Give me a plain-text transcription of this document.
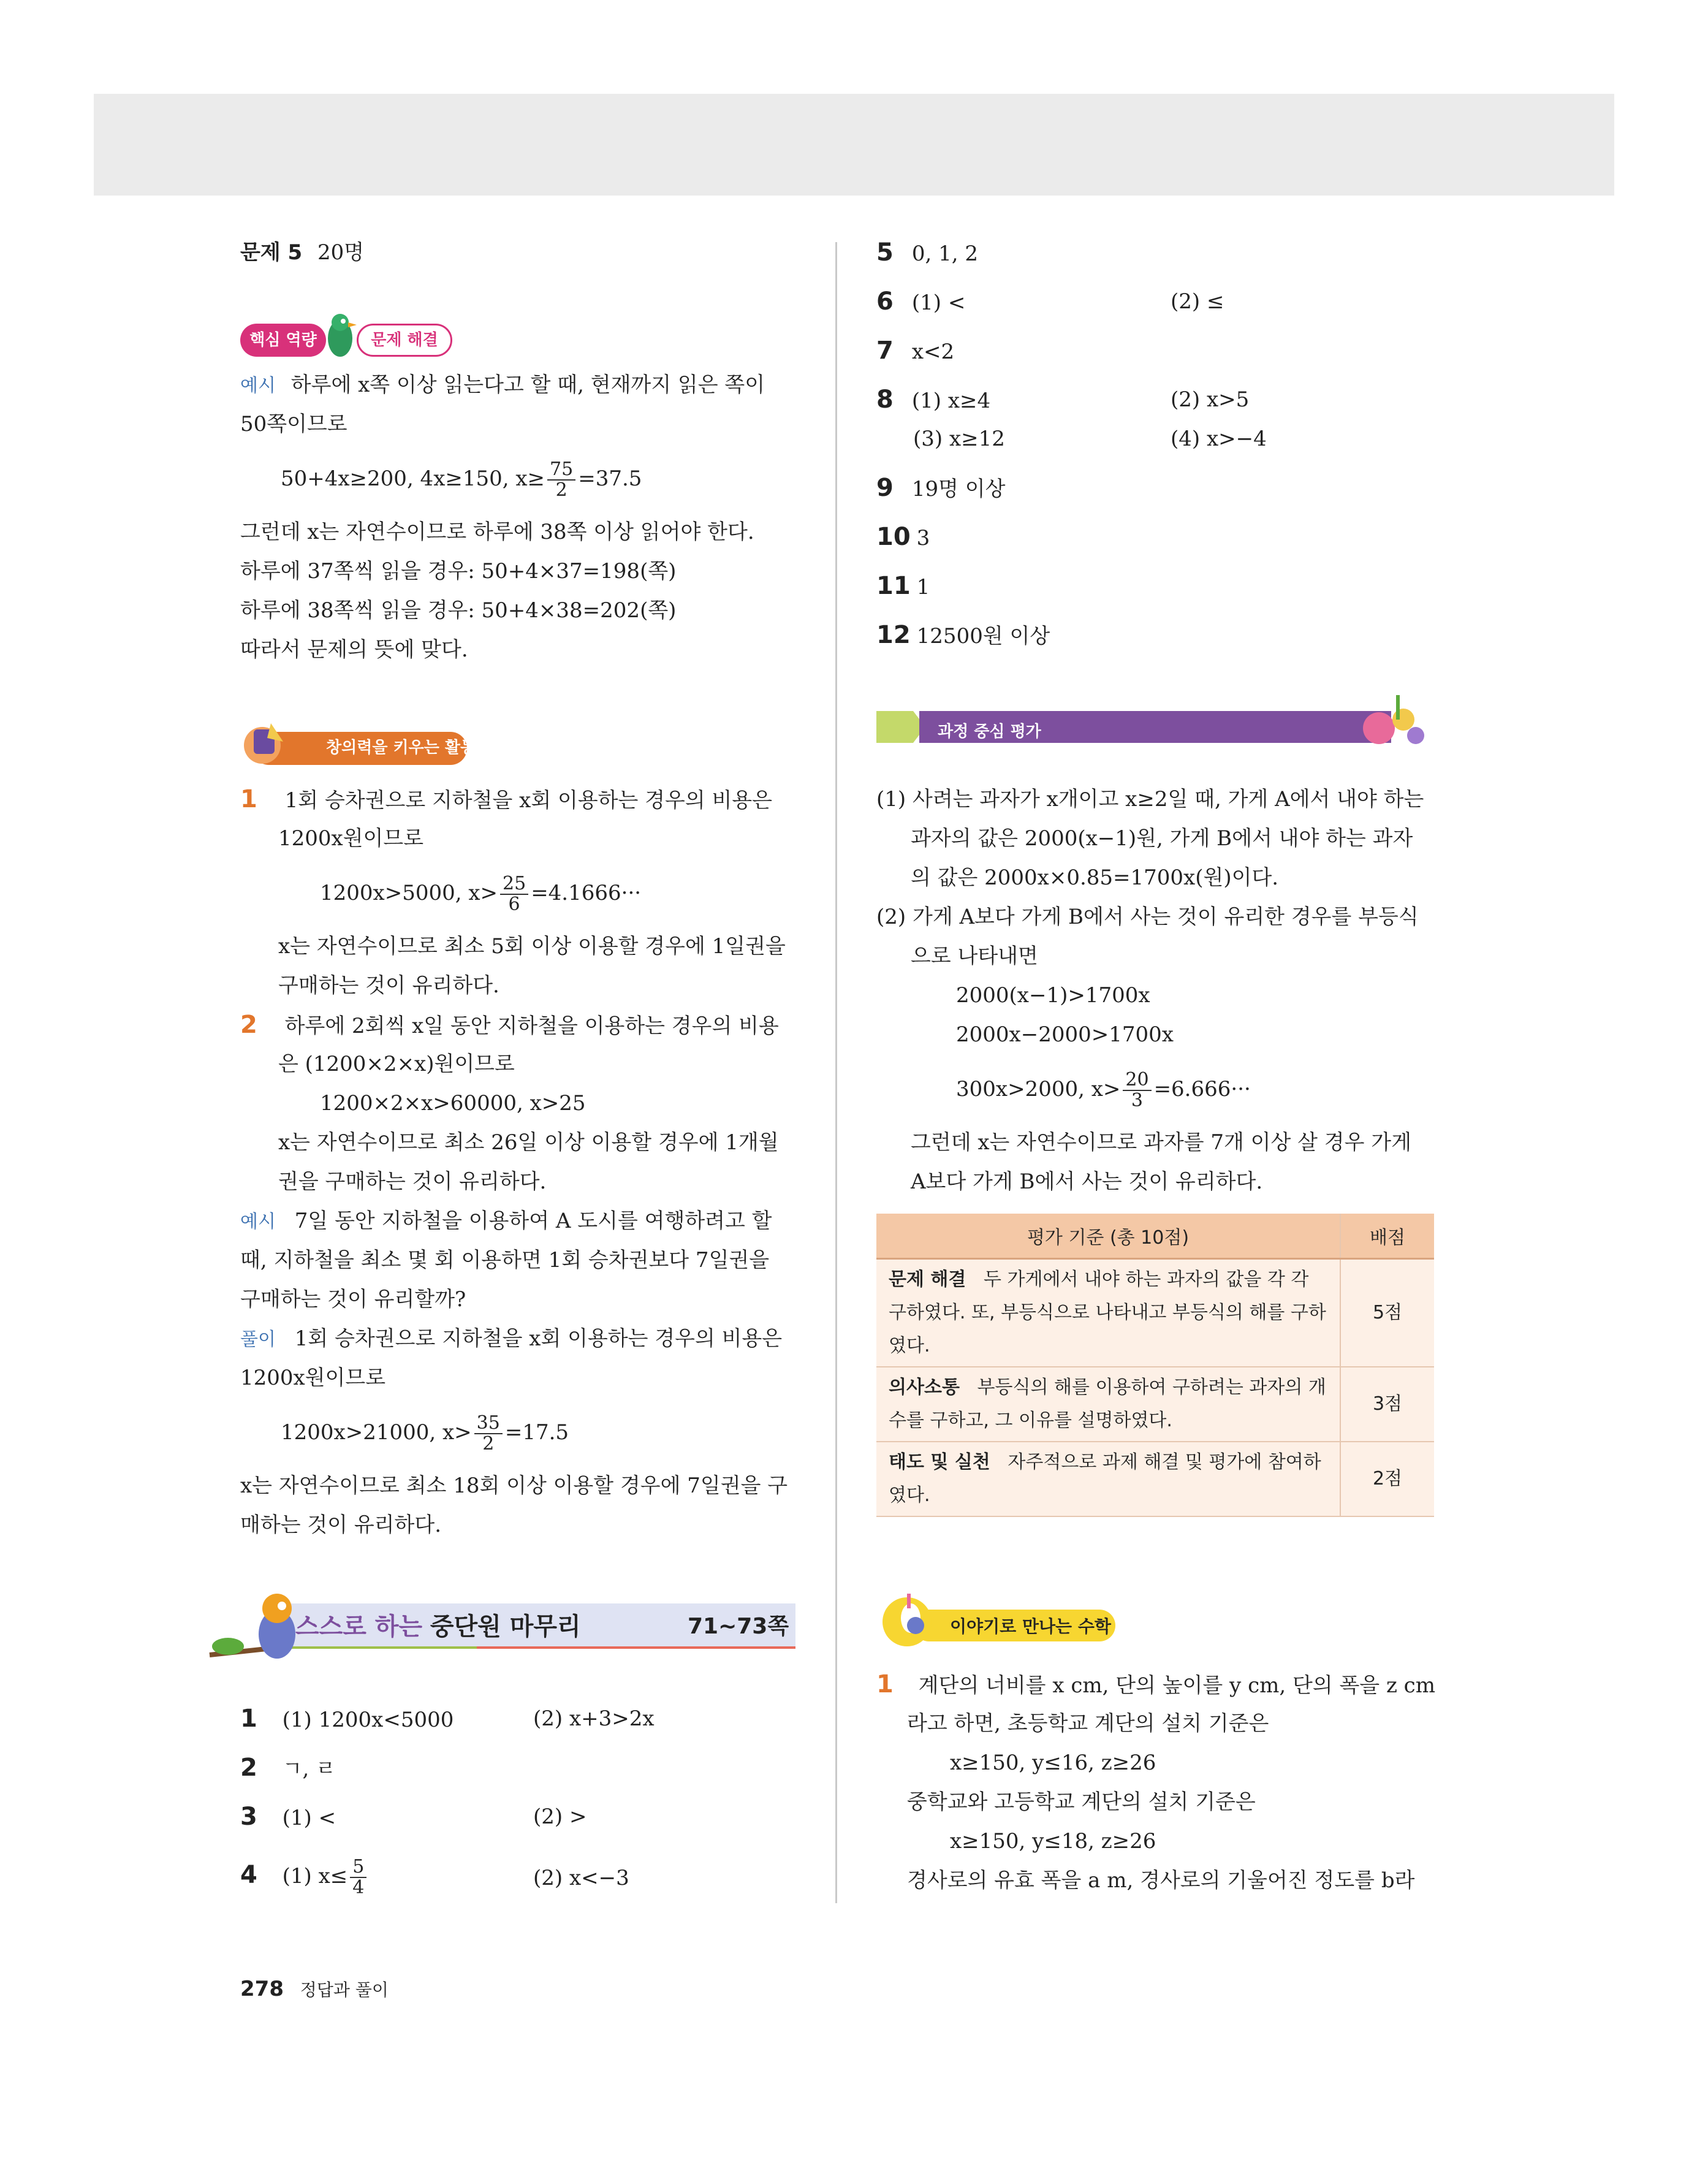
문제 5 20명
핵심 역량	문제 해결
예시 하루에 x쪽 이상 읽는다고 할 때, 현재까지 읽은 쪽이
50쪽이므로
50+4x≥200, 4x≥150, $x\ge \frac{75}{2} =37.5$
그런데 x는 자연수이므로 하루에 38쪽 이상 읽어야 한다.
하루에 37쪽씩 읽을 경우: 50+4×37=198(쪽)
하루에 38쪽씩 읽을 경우: 50+4×38=202(쪽)
따라서 문제의 뜻에 맞다.
창의력을 키우는 활동
1 1회 승차권으로 지하철을 x회 이용하는 경우의 비용은
1200x원이므로
1200x>5000, $x> \frac{25}{6} =4.1666\cdot\cdot\cdot$
x는 자연수이므로 최소 5회 이상 이용할 경우에 1일권을
구매하는 것이 유리하다.
2 하루에 2회씩 x일 동안 지하철을 이용하는 경우의 비용
은 (1200×2×x)원이므로
1200×2×x>60000, x>25
x는 자연수이므로 최소 26일 이상 이용할 경우에 1개월
권을 구매하는 것이 유리하다.
예시 7일 동안 지하철을 이용하여 A 도시를 여행하려고 할
때, 지하철을 최소 몇 회 이용하면 1회 승차권보다 7일권을
구매하는 것이 유리할까?
풀이 1회 승차권으로 지하철을 x회 이용하는 경우의 비용은
1200x원이므로
1200x>21000, $x> \frac{35}{2} =17.5$
x는 자연수이므로 최소 18회 이상 이용할 경우에 7일권을 구
매하는 것이 유리하다.
스스로 하는 중단원 마무리	71~73쪽
1 (1) 1200x<5000	(2) x+3>2x
2 ㄱ, ㄹ
3 (1) <	(2) >
4 (1) $x\le \frac{5}{4}$	(2) x<−3
5 0, 1, 2
6 (1) <	(2) ≤
7 x<2
8 (1) x≥4	(2) x>5
(3) x≥12	(4) x>−4
9 19명 이상
10 3
11 1
12 12500원 이상
과정 중심 평가
(1) 사려는 과자가 x개이고 x≥2일 때, 가게 A에서 내야 하는
과자의 값은 2000(x−1)원, 가게 B에서 내야 하는 과자
의 값은 2000x×0.85=1700x(원)이다.
(2) 가게 A보다 가게 B에서 사는 것이 유리한 경우를 부등식
으로 나타내면
2000(x−1)>1700x
2000x−2000>1700x
300x>2000, $x> \frac{20}{3} =6.666\cdot\cdot\cdot$
그런데 x는 자연수이므로 과자를 7개 이상 살 경우 가게
A보다 가게 B에서 사는 것이 유리하다.
평가 기준 (총 10점)	배점
문제 해결 두 가게에서 내야 하는 과자의 값을 각 각 구하였다. 또, 부등식으로 나타내고 부등식의 해를 구하였다.	5점
의사소통 부등식의 해를 이용하여 구하려는 과자의 개수를 구하고, 그 이유를 설명하였다.	3점
태도 및 실천 자주적으로 과제 해결 및 평가에 참여하였다.	2점
이야기로 만나는 수학
1 계단의 너비를 x cm, 단의 높이를 y cm, 단의 폭을 z cm
라고 하면, 초등학교 계단의 설치 기준은
x≥150, y≤16, z≥26
중학교와 고등학교 계단의 설치 기준은
x≥150, y≤18, z≥26
경사로의 유효 폭을 a m, 경사로의 기울어진 정도를 b라
278 정답과 풀이
